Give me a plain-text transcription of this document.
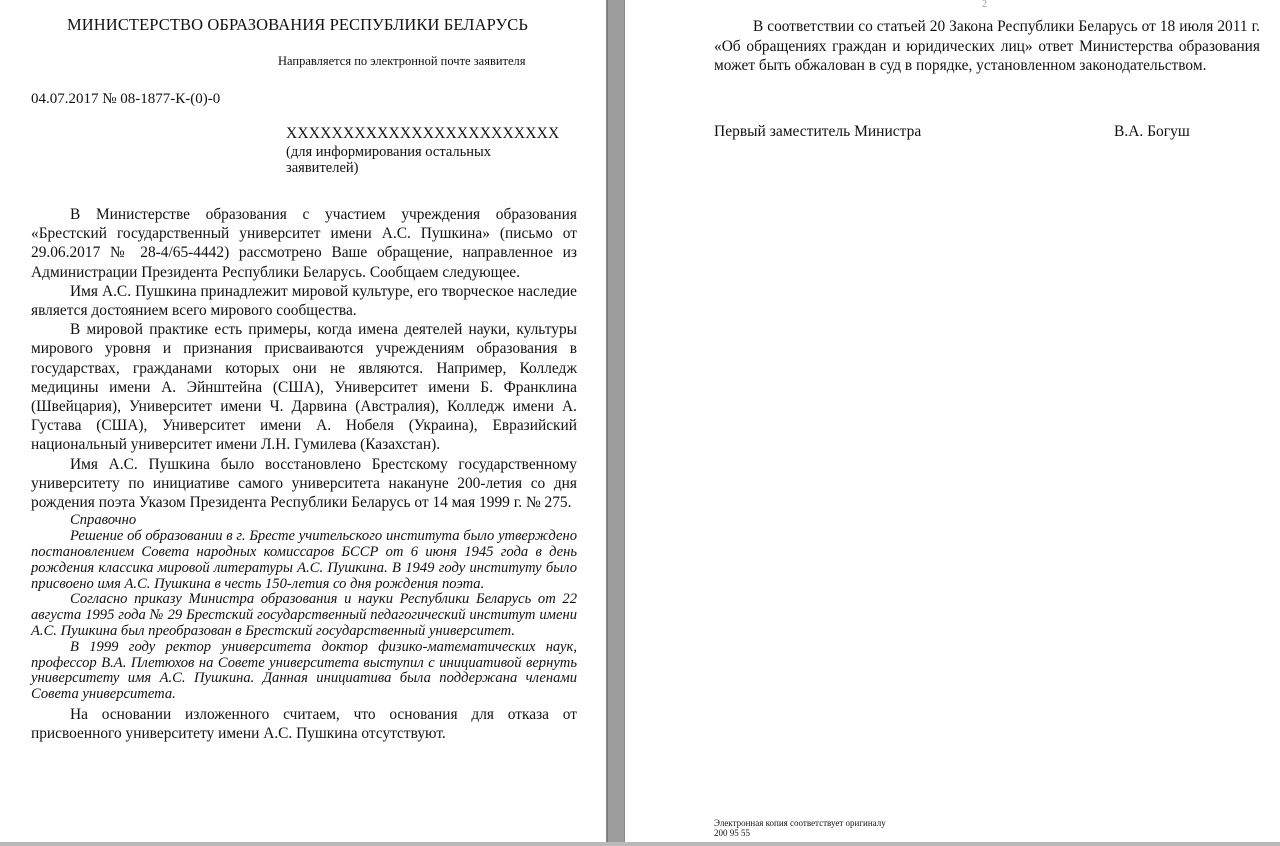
МИНИСТЕРСТВО ОБРАЗОВАНИЯ РЕСПУБЛИКИ БЕЛАРУСЬ
Направляется по электронной почте заявителя
04.07.2017 № 08-1877-К-(0)-0
XXXXXXXXXXXXXXXXXXXXXXXX
(для информирования остальных заявителей)

В Министерстве образования с участием учреждения образования «Брестский государственный университет имени А.С. Пушкина» (письмо от 29.06.2017 № 28-4/65-4442) рассмотрено Ваше обращение, направленное из Администрации Президента Республики Беларусь. Сообщаем следующее.

Имя А.С. Пушкина принадлежит мировой культуре, его творческое наследие является достоянием всего мирового сообщества.

В мировой практике есть примеры, когда имена деятелей науки, культуры мирового уровня и признания присваиваются учреждениям образования в государствах, гражданами которых они не являются. Например, Колледж медицины имени А. Эйнштейна (США), Университет имени Б. Франклина (Швейцария), Университет имени Ч. Дарвина (Австралия), Колледж имени А. Густава (США), Университет имени А. Нобеля (Украина), Евразийский национальный университет имени Л.Н. Гумилева (Казахстан).

Имя А.С. Пушкина было восстановлено Брестскому государственному университету по инициативе самого университета накануне 200-летия со дня рождения поэта Указом Президента Республики Беларусь от 14 мая 1999 г. № 275.

Справочно

Решение об образовании в г. Бресте учительского института было утверждено постановлением Совета народных комиссаров БССР от 6 июня 1945 года в день рождения классика мировой литературы А.С. Пушкина. В 1949 году институту было присвоено имя А.С. Пушкина в честь 150-летия со дня рождения поэта.

Согласно приказу Министра образования и науки Республики Беларусь от 22 августа 1995 года № 29 Брестский государственный педагогический институт имени А.С. Пушкина был преобразован в Брестский государственный университет.

В 1999 году ректор университета доктор физико-математических наук, профессор В.А. Плетюхов на Совете университета выступил с инициативой вернуть университету имя А.С. Пушкина. Данная инициатива была поддержана членами Совета университета.

На основании изложенного считаем, что основания для отказа от присвоенного университету имени А.С. Пушкина отсутствуют.

2

В соответствии со статьей 20 Закона Республики Беларусь от 18 июля 2011 г. «Об обращениях граждан и юридических лиц» ответ Министерства образования может быть обжалован в суд в порядке, установленном законодательством.

Первый заместитель Министра	В.А. Богуш
Электронная копия соответствует оригиналу
200 95 55
